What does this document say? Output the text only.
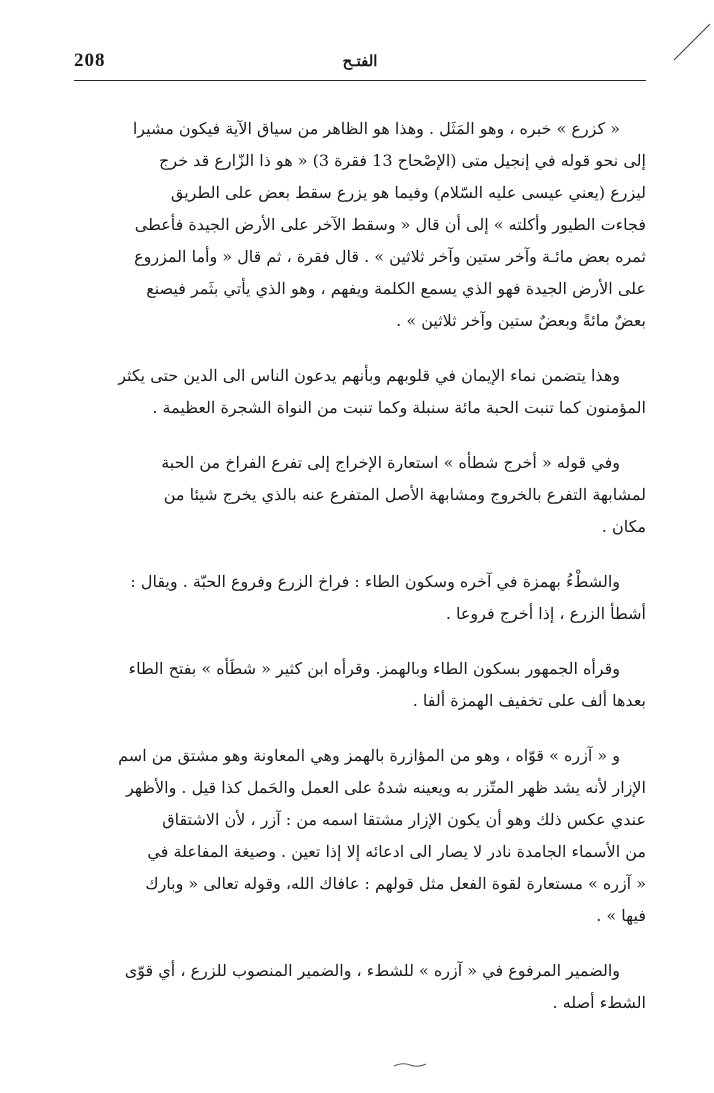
208	الفتـح

« كزرع » خبره ، وهو المَثَل . وهذا هو الظاهر من سياق الآية فيكون مشيرا
إلى نحو قوله في إنجيل متى (الإصْحاح 13 فقرة 3) « هو ذا الزّارع قد خرج
ليزرع (يعني عيسى عليه السّلام) وفيما هو يزرع سقط بعض على الطريق
فجاءت الطيور وأكلته » إلى أن قال « وسقط الآخر على الأرض الجيدة فأعطى
ثمره بعض مائـة وآخر ستين وآخر ثلاثين » . قال فقرة ، ثم قال « وأما المزروع
على الأرض الجيدة فهو الذي يسمع الكلمة ويفهم ، وهو الذي يأتي بثَمر فيصنع
بعضٌ مائةً وبعضٌ ستين وآخر ثلاثين » .

وهذا يتضمن نماء الإيمان في قلوبهم وبأنهم يدعون الناس الى الدين حتى يكثر
المؤمنون كما تنبت الحبة مائة سنبلة وكما تنبت من النواة الشجرة العظيمة .

وفي قوله « أخرج شطأه » استعارة الإخراج إلى تفرع الفراخ من الحبة
لمشابهة التفرع بالخروج ومشابهة الأصل المتفرع عنه بالذي يخرج شيئا من
مكان .

والشطْءُ بهمزة في آخره وسكون الطاء : فراخ الزرع وفروع الحبّة . ويقال :
أشطأ الزرع ، إذا أخرج فروعا .

وقرأه الجمهور بسكون الطاء وبالهمز. وقرأه ابن كثير « شطَأه » بفتح الطاء
بعدها ألف على تخفيف الهمزة ألفا .

و « آزره » قوّاه ، وهو من المؤازرة بالهمز وهي المعاونة وهو مشتق من اسم
الإزار لأنه يشد ظهر المتّزر به ويعينه شدهُ على العمل والحَمل كذا قيل . والأظهر
عندي عكس ذلك وهو أن يكون الإزار مشتقا اسمه من : آزر ، لأن الاشتقاق
من الأسماء الجامدة نادر لا يصار الى ادعائه إلا إذا تعين . وصيغة المفاعلة في
« آزره » مستعارة لقوة الفعل مثل قولهم : عافاك الله، وقوله تعالى « وبارك
فيها » .

والضمير المرفوع في « آزره » للشطء ، والضمير المنصوب للزرع ، أي قوّى
الشطء أصله .
